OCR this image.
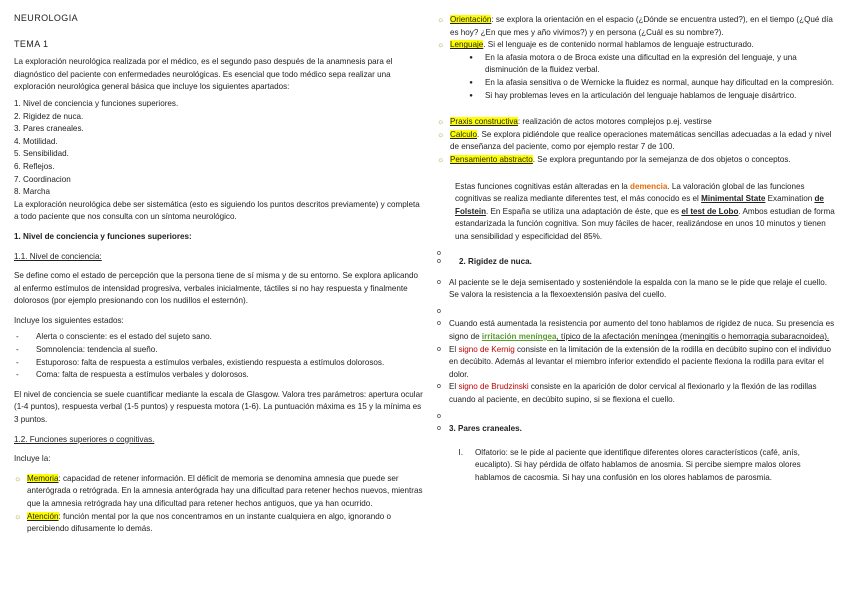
NEUROLOGIA

TEMA 1

La exploración neurológica realizada por el médico, es el segundo paso después de la anamnesis para el diagnóstico del paciente con enfermedades neurológicas. Es esencial que todo médico sepa realizar una exploración neurológica general básica que incluye los siguientes apartados:

1. Nivel de conciencia y funciones superiores.

2. Rigidez de nuca.

3. Pares craneales.

4. Motilidad.

5. Sensibilidad.

6. Reflejos.

7. Coordinacion

8. Marcha

La exploración neurológica debe ser sistemática (esto es siguiendo los puntos descritos previamente) y completa a todo paciente que nos consulta con un síntoma neurológico.

1. Nivel de conciencia y funciones superiores:

1.1. Nivel de conciencia:

Se define como el estado de percepción que la persona tiene de sí misma y de su entorno. Se explora aplicando al enfermo estímulos de intensidad progresiva, verbales inicialmente, táctiles si no hay respuesta y finalmente dolorosos (por ejemplo presionando con los nudillos el esternón).

Incluye los siguientes estados:

-	Alerta o consciente: es el estado del sujeto sano.
-	Somnolencia: tendencia al sueño.
-	Estuporoso: falta de respuesta a estímulos verbales, existiendo respuesta a estímulos dolorosos.
-	Coma: falta de respuesta a estímulos verbales y dolorosos.

El nivel de conciencia se suele cuantificar mediante la escala de Glasgow. Valora tres parámetros: apertura ocular (1-4 puntos), respuesta verbal (1-5 puntos) y respuesta motora (1-6). La puntuación máxima es 15 y la mínima es 3 puntos.

1.2. Funciones superiores o cognitivas.

Incluye la:

☼ Memoria: capacidad de retener información. El déficit de memoria se denomina amnesia que puede ser anterógrada o retrógrada. En la amnesia anterógrada hay una dificultad para retener hechos nuevos, mientras que la amnesia retrógrada hay una dificultad para retener hechos antiguos, que ya han ocurrido.
☼ Atención: función mental por la que nos concentramos en un instante cualquiera en algo, ignorando o percibiendo difusamente lo demás.
☼ Orientación: se explora la orientación en el espacio (¿Dónde se encuentra usted?), en el tiempo (¿Qué día es hoy? ¿En que mes y año vivimos?) y en persona (¿Cuál es su nombre?).
☼ Lenguaje. Si el lenguaje es de contenido normal hablamos de lenguaje estructurado.
●	En la afasia motora o de Broca existe una dificultad en la expresión del lenguaje, y una disminución de la fluidez verbal.
●	En la afasia sensitiva o de Wernicke la fluidez es normal, aunque hay dificultad en la compresión.
●	Si hay problemas leves en la articulación del lenguaje hablamos de lenguaje disártrico.
☼ Praxis constructiva: realización de actos motores complejos p.ej. vestirse
☼ Calculo. Se explora pidiéndole que realice operaciones matemáticas sencillas adecuadas a la edad y nivel de enseñanza del paciente, como por ejemplo restar 7 de 100.
☼ Pensamiento abstracto. Se explora preguntando por la semejanza de dos objetos o conceptos.

Estas funciones cognitivas están alteradas en la demencia. La valoración global de las funciones cognitivas se realiza mediante diferentes test, el más conocido es el Minimental State Examination de Folstein. En España se utiliza una adaptación de éste, que es el test de Lobo. Ambos estudian de forma estandarizada la función cognitiva. Son muy fáciles de hacer, realizándose en unos 10 minutos y tienen una sensibilidad y especificidad del 85%.

o
o	2. Rigidez de nuca.
o Al paciente se le deja semisentado y sosteniéndole la espalda con la mano se le pide que relaje el cuello. Se valora la resistencia a la flexoextensión pasiva del cuello.
o
o Cuando está aumentada la resistencia por aumento del tono hablamos de rigidez de nuca. Su presencia es signo de irritación meníngea, típico de la afectación meníngea (meningitis o hemorragia subaracnoidea).
o El signo de Kernig consiste en la limitación de la extensión de la rodilla en decúbito supino con el individuo en decúbito. Además al levantar el miembro inferior extendido el paciente flexiona la rodilla para evitar el dolor.
o El signo de Brudzinski consiste en la aparición de dolor cervical al flexionarlo y la flexión de las rodillas cuando al paciente, en decúbito supino, si se flexiona el cuello.
o
o 3. Pares craneales.
I.	Olfatorio: se le pide al paciente que identifique diferentes olores característicos (café, anís, eucalipto). Si hay pérdida de olfato hablamos de anosmia. Si percibe siempre malos olores hablamos de cacosmia. Si hay una confusión en los olores hablamos de parosmia.
